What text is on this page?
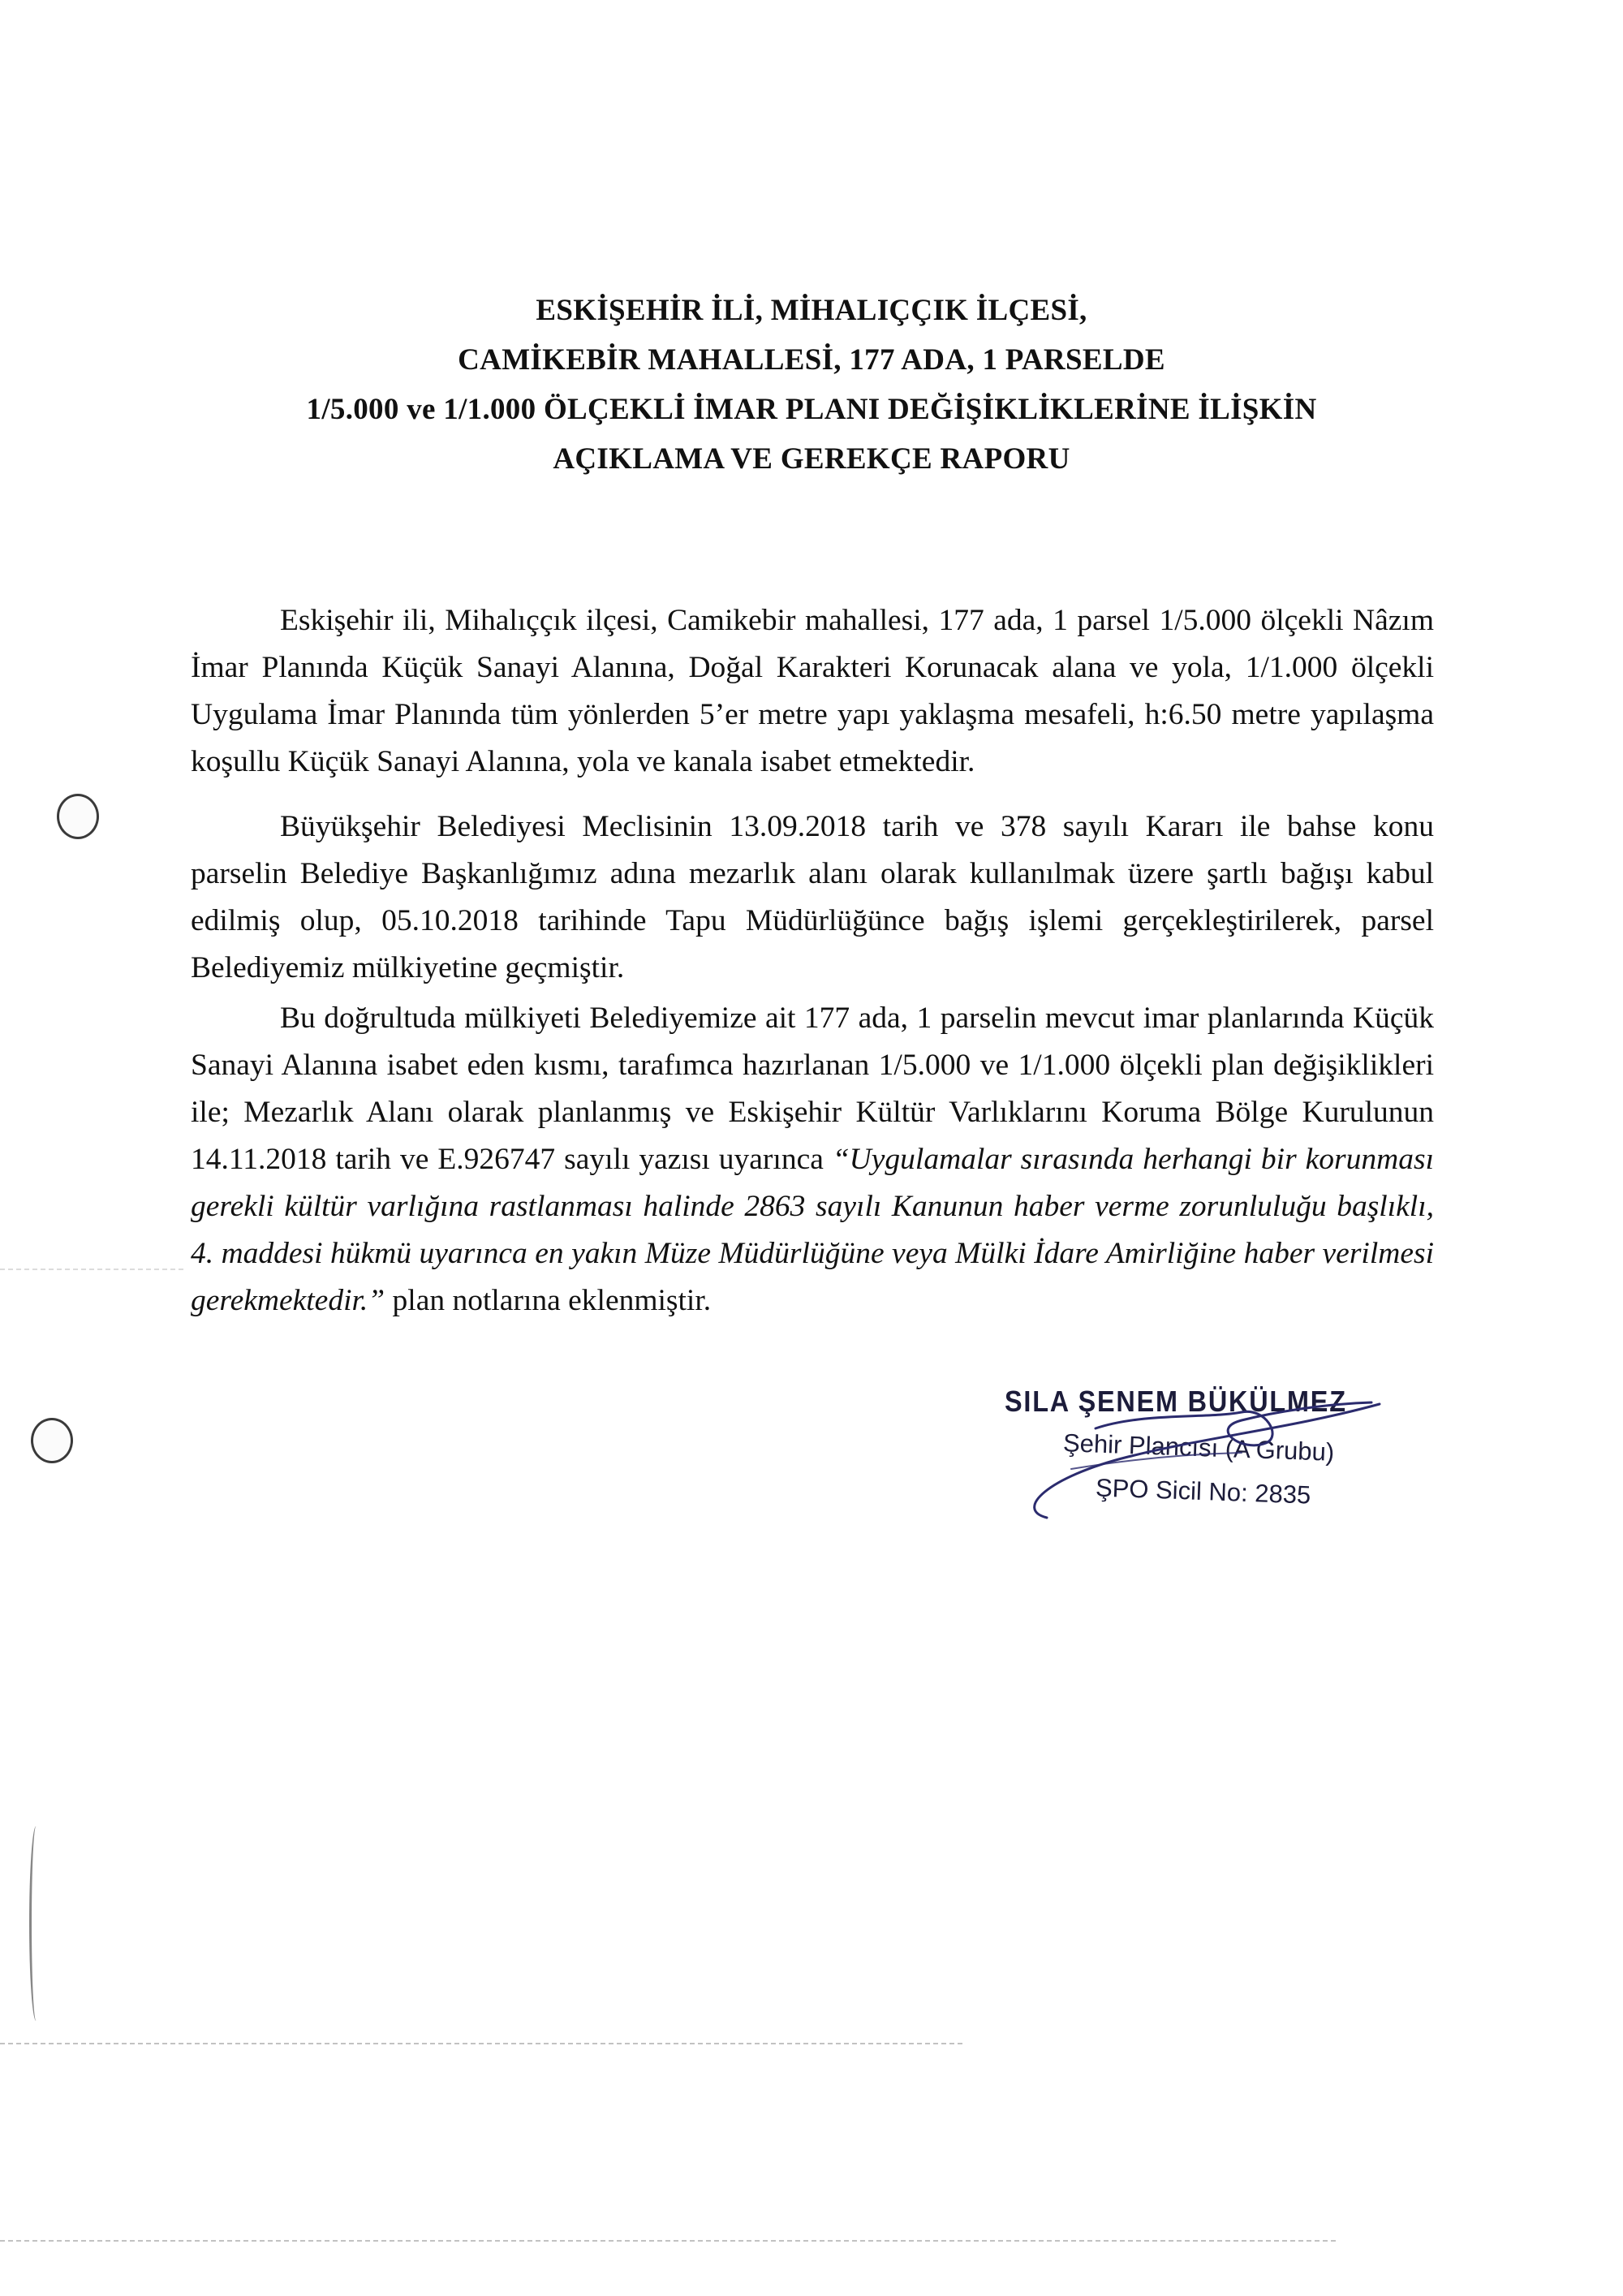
ESKİŞEHİR İLİ, MİHALIÇÇIK İLÇESİ,
CAMİKEBİR MAHALLESİ, 177 ADA, 1 PARSELDE
1/5.000 ve 1/1.000 ÖLÇEKLİ İMAR PLANI DEĞİŞİKLİKLERİNE İLİŞKİN
AÇIKLAMA VE GEREKÇE RAPORU
Eskişehir ili, Mihalıççık ilçesi, Camikebir mahallesi, 177 ada, 1 parsel 1/5.000 ölçekli Nâzım İmar Planında Küçük Sanayi Alanına, Doğal Karakteri Korunacak alana ve yola, 1/1.000 ölçekli Uygulama İmar Planında tüm yönlerden 5’er metre yapı yaklaşma mesafeli, h:6.50 metre yapılaşma koşullu Küçük Sanayi Alanına, yola ve kanala isabet etmektedir.
Büyükşehir Belediyesi Meclisinin 13.09.2018 tarih ve 378 sayılı Kararı ile bahse konu parselin Belediye Başkanlığımız adına mezarlık alanı olarak kullanılmak üzere şartlı bağışı kabul edilmiş olup, 05.10.2018 tarihinde Tapu Müdürlüğünce bağış işlemi gerçekleştirilerek, parsel Belediyemiz mülkiyetine geçmiştir.
Bu doğrultuda mülkiyeti Belediyemize ait 177 ada, 1 parselin mevcut imar planlarında Küçük Sanayi Alanına isabet eden kısmı, tarafımca hazırlanan 1/5.000 ve 1/1.000 ölçekli plan değişiklikleri ile; Mezarlık Alanı olarak planlanmış ve Eskişehir Kültür Varlıklarını Koruma Bölge Kurulunun 14.11.2018 tarih ve E.926747 sayılı yazısı uyarınca “Uygulamalar sırasında herhangi bir korunması gerekli kültür varlığına rastlanması halinde 2863 sayılı Kanunun haber verme zorunluluğu başlıklı, 4. maddesi hükmü uyarınca en yakın Müze Müdürlüğüne veya Mülki İdare Amirliğine haber verilmesi gerekmektedir.” plan notlarına eklenmiştir.
SILA ŞENEM BÜKÜLMEZ
Şehir Plancısı (A Grubu)
ŞPO Sicil No: 2835
